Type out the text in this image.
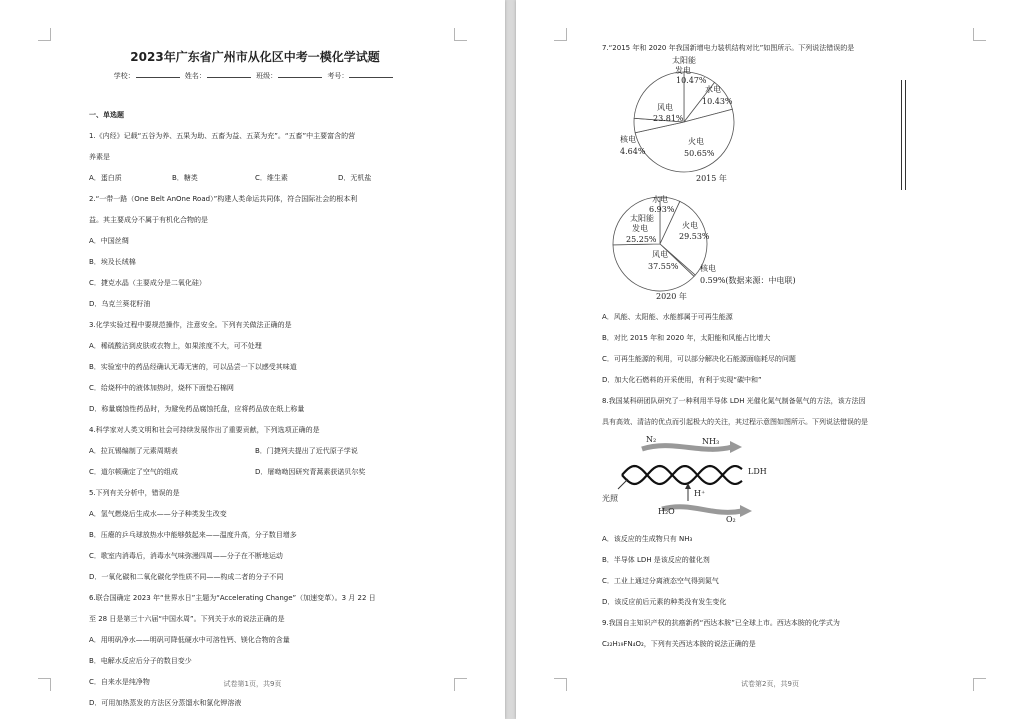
2023年广东省广州市从化区中考一模化学试题
学校：	姓名：	班级：	考号：
一、单选题
1.《内经》记载“五谷为养、五果为助、五畜为益、五菜为充”。“五畜”中主要富含的营
养素是
A．蛋白质	B．糖类	C．维生素	D．无机盐
2.“一带一路（One Belt AnOne Road）”构建人类命运共同体，符合国际社会的根本利
益。其主要成分不属于有机化合物的是
A．中国丝绸
B．埃及长绒棉
C．捷克水晶（主要成分是二氧化硅）
D．乌克兰葵花籽油
3.化学实验过程中要规范操作，注意安全。下列有关做法正确的是
A．稀硫酸沾到皮肤或衣物上，如果浓度不大，可不处理
B．实验室中的药品经确认无毒无害的，可以品尝一下以感受其味道
C．给烧杯中的液体加热时，烧杯下面垫石棉网
D．称量腐蚀性药品时，为避免药品腐蚀托盘，应将药品放在纸上称量
4.科学家对人类文明和社会可持续发展作出了重要贡献，下列选项正确的是
A．拉瓦锡编制了元素周期表	B．门捷列夫提出了近代原子学说
C．道尔顿确定了空气的组成	D．屠呦呦因研究青蒿素获诺贝尔奖
5.下列有关分析中，错误的是
A．氢气燃烧后生成水——分子种类发生改变
B．压瘪的乒乓球放热水中能够鼓起来——温度升高，分子数目增多
C．歌室内消毒后，消毒水气味弥漫四周——分子在不断地运动
D．一氧化碳和二氧化碳化学性质不同——构成二者的分子不同
6.联合国确定 2023 年“世界水日”主题为“Accelerating Change”（加速变革）。3 月 22 日
至 28 日是第三十六届“中国水周”。下列关于水的说法正确的是
A．用明矾净水——明矾可降低硬水中可溶性钙、镁化合物的含量
B．电解水反应后分子的数目变少
C．自来水是纯净物
D．可用加热蒸发的方法区分蒸馏水和氯化钾溶液
试卷第1页，共9页
7.“2015 年和 2020 年我国新增电力装机结构对比”如图所示。下列说法错误的是
太阳能
发电
10.47%
水电
10.43%
风电
23.81%
火电
50.65%
核电
4.64%
2015 年
水电
6.93%
太阳能
发电
25.25%
火电
29.53%
风电
37.55%	核电
0.59%(数据来源：中电联)
2020 年
A．风能、太阳能、水能都属于可再生能源
B．对比 2015 年和 2020 年，太阳能和风能占比增大
C．可再生能源的利用，可以部分解决化石能源面临耗尽的问题
D．加大化石燃料的开采使用，有利于实现“碳中和”
8.我国某科研团队研究了一种利用半导体 LDH 光催化氮气制备氨气的方法，该方法因
具有高效、清洁的优点而引起极大的关注，其过程示意图如图所示。下列说法错误的是
N₂	NH₃
LDH
光照
H₂O
H⁺
O₂
A．该反应的生成物只有 NH₃
B．半导体 LDH 是该反应的催化剂
C．工业上通过分离液态空气得到氮气
D．该反应前后元素的种类没有发生变化
9.我国自主知识产权的抗癌新药“西达本胺”已全球上市。西达本胺的化学式为
C₂₂H₁₉FN₄O₂，下列有关西达本胺的说法正确的是
试卷第2页，共9页
